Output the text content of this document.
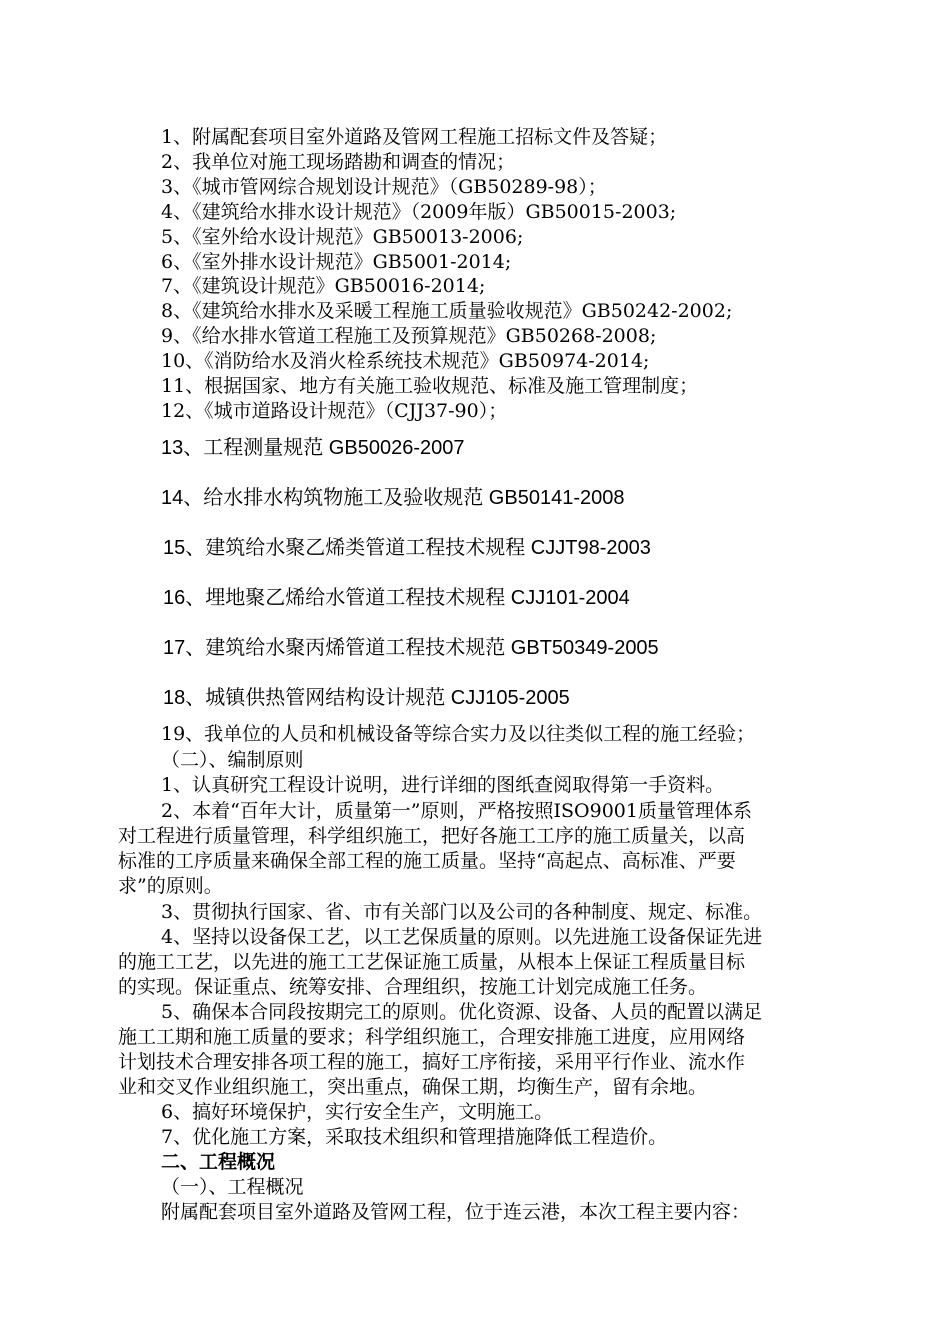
1、附属配套项目室外道路及管网工程施工招标文件及答疑；
2、我单位对施工现场踏勘和调查的情况；
3、《城市管网综合规划设计规范》（GB50289-98）；
4、《建筑给水排水设计规范》（2009年版）GB50015-2003;
5、《室外给水设计规范》GB50013-2006;
6、《室外排水设计规范》GB5001-2014;
7、《建筑设计规范》GB50016-2014;
8、《建筑给水排水及采暖工程施工质量验收规范》GB50242-2002;
9、《给水排水管道工程施工及预算规范》GB50268-2008;
10、《消防给水及消火栓系统技术规范》GB50974-2014;
11、根据国家、地方有关施工验收规范、标准及施工管理制度；
12、《城市道路设计规范》（CJJ37-90）；
13、工程测量规范 GB50026-2007
14、给水排水构筑物施工及验收规范 GB50141-2008
15、建筑给水聚乙烯类管道工程技术规程 CJJT98-2003
16、埋地聚乙烯给水管道工程技术规程 CJJ101-2004
17、建筑给水聚丙烯管道工程技术规范 GBT50349-2005
18、城镇供热管网结构设计规范 CJJ105-2005
19、我单位的人员和机械设备等综合实力及以往类似工程的施工经验；
（二）、编制原则
1、认真研究工程设计说明，进行详细的图纸查阅取得第一手资料。
2、本着“百年大计，质量第一”原则，严格按照ISO9001质量管理体系
对工程进行质量管理，科学组织施工，把好各施工工序的施工质量关，以高
标准的工序质量来确保全部工程的施工质量。坚持“高起点、高标准、严要
求”的原则。
3、贯彻执行国家、省、市有关部门以及公司的各种制度、规定、标准。
4、坚持以设备保工艺，以工艺保质量的原则。以先进施工设备保证先进
的施工工艺，以先进的施工工艺保证施工质量，从根本上保证工程质量目标
的实现。保证重点、统筹安排、合理组织，按施工计划完成施工任务。
5、确保本合同段按期完工的原则。优化资源、设备、人员的配置以满足
施工工期和施工质量的要求；科学组织施工，合理安排施工进度，应用网络
计划技术合理安排各项工程的施工，搞好工序衔接，采用平行作业、流水作
业和交叉作业组织施工，突出重点，确保工期，均衡生产，留有余地。
6、搞好环境保护，实行安全生产，文明施工。
7、优化施工方案，采取技术组织和管理措施降低工程造价。
二、工程概况
（一）、工程概况
附属配套项目室外道路及管网工程，位于连云港，本次工程主要内容：
